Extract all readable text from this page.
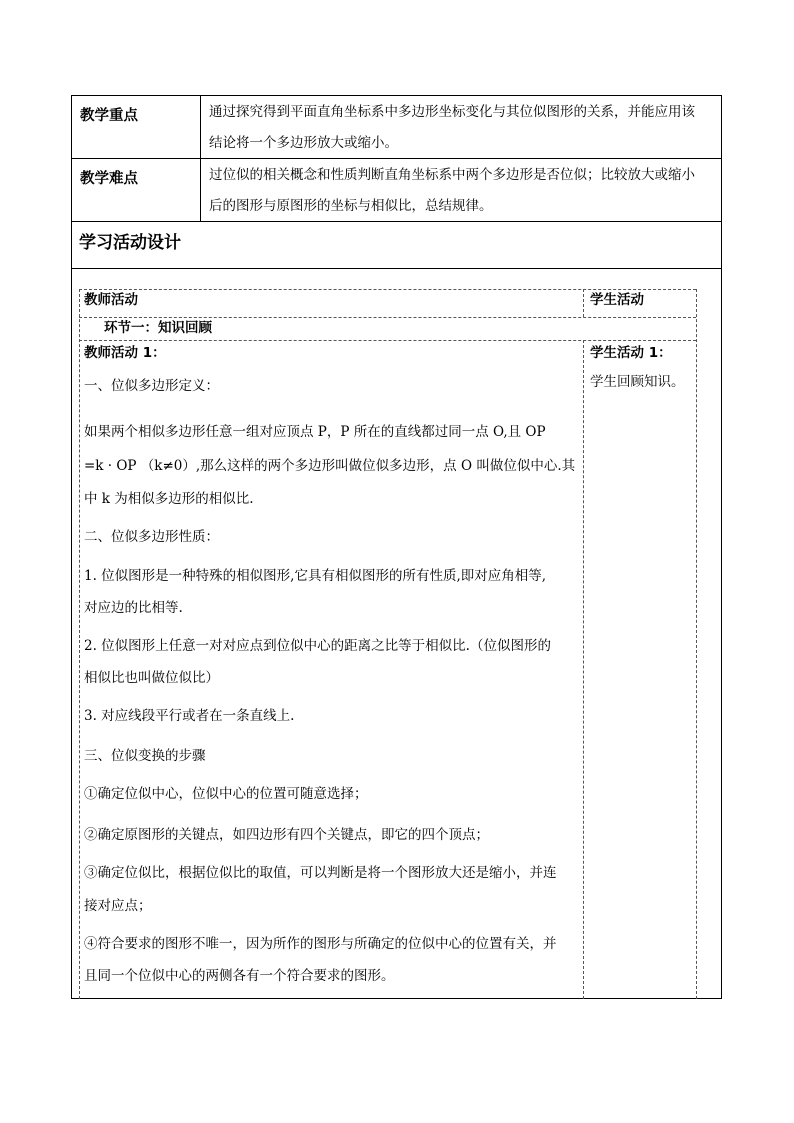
教学重点	通过探究得到平面直角坐标系中多边形坐标变化与其位似图形的关系，并能应用该
结论将一个多边形放大或缩小。
教学难点	过位似的相关概念和性质判断直角坐标系中两个多边形是否位似；比较放大或缩小
后的图形与原图形的坐标与相似比，总结规律。
学习活动设计
教师活动	学生活动
环节一：知识回顾
教师活动 1：	学生活动 1：
学生回顾知识。
一、位似多边形定义：
如果两个相似多边形任意一组对应顶点 P，P 所在的直线都过同一点 O,且 OP
=k · OP （k≠0）,那么这样的两个多边形叫做位似多边形，点 O 叫做位似中心.其
中 k 为相似多边形的相似比.
二、位似多边形性质：
1. 位似图形是一种特殊的相似图形,它具有相似图形的所有性质,即对应角相等,
对应边的比相等.
2. 位似图形上任意一对对应点到位似中心的距离之比等于相似比.（位似图形的
相似比也叫做位似比）
3. 对应线段平行或者在一条直线上.
三、位似变换的步骤
①确定位似中心，位似中心的位置可随意选择；
②确定原图形的关键点，如四边形有四个关键点，即它的四个顶点；
③确定位似比，根据位似比的取值，可以判断是将一个图形放大还是缩小，并连
接对应点；
④符合要求的图形不唯一，因为所作的图形与所确定的位似中心的位置有关，并
且同一个位似中心的两侧各有一个符合要求的图形。
